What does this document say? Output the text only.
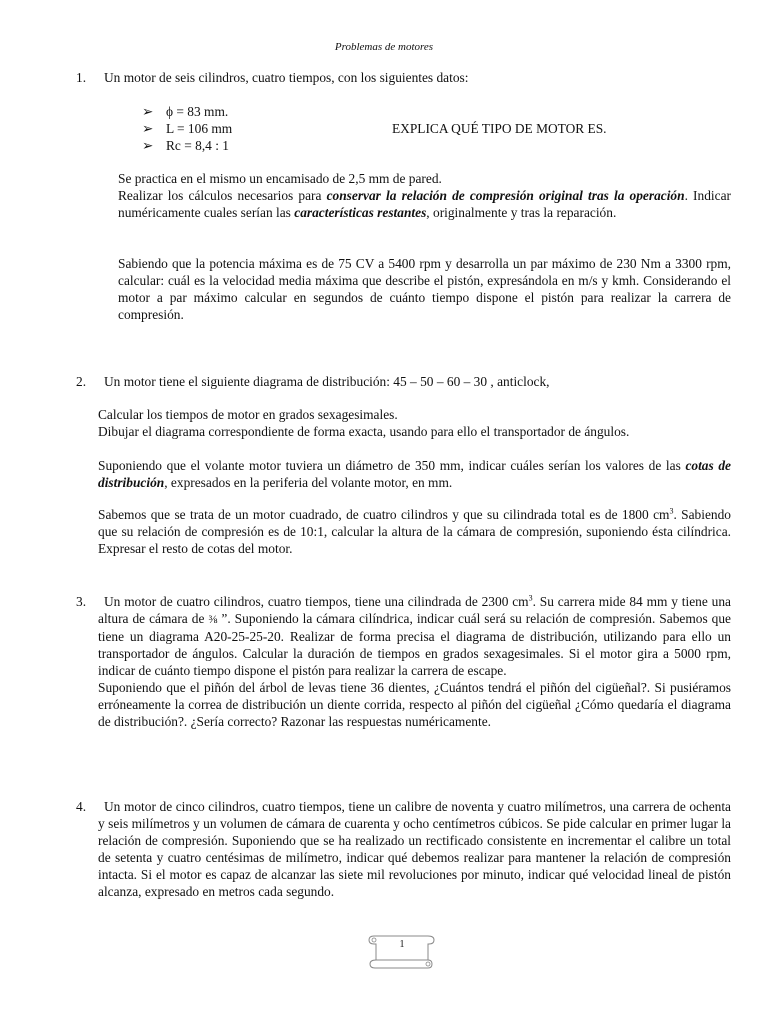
Problemas de motores
1. Un motor de seis cilindros, cuatro tiempos, con los siguientes datos:
➢ ϕ = 83 mm.
➢ L = 106 mm
➢ Rc = 8,4 : 1
EXPLICA QUÉ TIPO DE MOTOR ES.
Se practica en el mismo un encamisado de 2,5 mm de pared.
Realizar los cálculos necesarios para conservar la relación de compresión original tras la operación. Indicar numéricamente cuales serían las características restantes, originalmente y tras la reparación.
Sabiendo que la potencia máxima es de 75 CV a 5400 rpm y desarrolla un par máximo de 230 Nm a 3300 rpm, calcular: cuál es la velocidad media máxima que describe el pistón, expresándola en m/s y kmh. Considerando el motor a par máximo calcular en segundos de cuánto tiempo dispone el pistón para realizar la carrera de compresión.
2. Un motor tiene el siguiente diagrama de distribución: 45 – 50 – 60 – 30 , anticlock,
Calcular los tiempos de motor en grados sexagesimales.
Dibujar el diagrama correspondiente de forma exacta, usando para ello el transportador de ángulos.
Suponiendo que el volante motor tuviera un diámetro de 350 mm, indicar cuáles serían los valores de las cotas de distribución, expresados en la periferia del volante motor, en mm.
Sabemos que se trata de un motor cuadrado, de cuatro cilindros y que su cilindrada total es de 1800 $cm^3$. Sabiendo que su relación de compresión es de 10:1, calcular la altura de la cámara de compresión, suponiendo ésta cilíndrica. Expresar el resto de cotas del motor.
3.	Un motor de cuatro cilindros, cuatro tiempos, tiene una cilindrada de 2300 $cm^3$. Su carrera mide 84 mm y tiene una altura de cámara de ⅜ ”. Suponiendo la cámara cilíndrica, indicar cuál será su relación de compresión. Sabemos que tiene un diagrama A20-25-25-20. Realizar de forma precisa el diagrama de distribución, utilizando para ello un transportador de ángulos. Calcular la duración de tiempos en grados sexagesimales. Si el motor gira a 5000 rpm, indicar de cuánto tiempo dispone el pistón para realizar la carrera de escape.
Suponiendo que el piñón del árbol de levas tiene 36 dientes, ¿Cuántos tendrá el piñón del cigüeñal?. Si pusiéramos erróneamente la correa de distribución un diente corrida, respecto al piñón del cigüeñal ¿Cómo quedaría el diagrama de distribución?. ¿Sería correcto? Razonar las respuestas numéricamente.
4.	Un motor de cinco cilindros, cuatro tiempos, tiene un calibre de noventa y cuatro milímetros, una carrera de ochenta y seis milímetros y un volumen de cámara de cuarenta y ocho centímetros cúbicos. Se pide calcular en primer lugar la relación de compresión. Suponiendo que se ha realizado un rectificado consistente en incrementar el calibre un total de setenta y cuatro centésimas de milímetro, indicar qué debemos realizar para mantener la relación de compresión intacta. Si el motor es capaz de alcanzar las siete mil revoluciones por minuto, indicar qué velocidad lineal de pistón alcanza, expresado en metros cada segundo.
1
